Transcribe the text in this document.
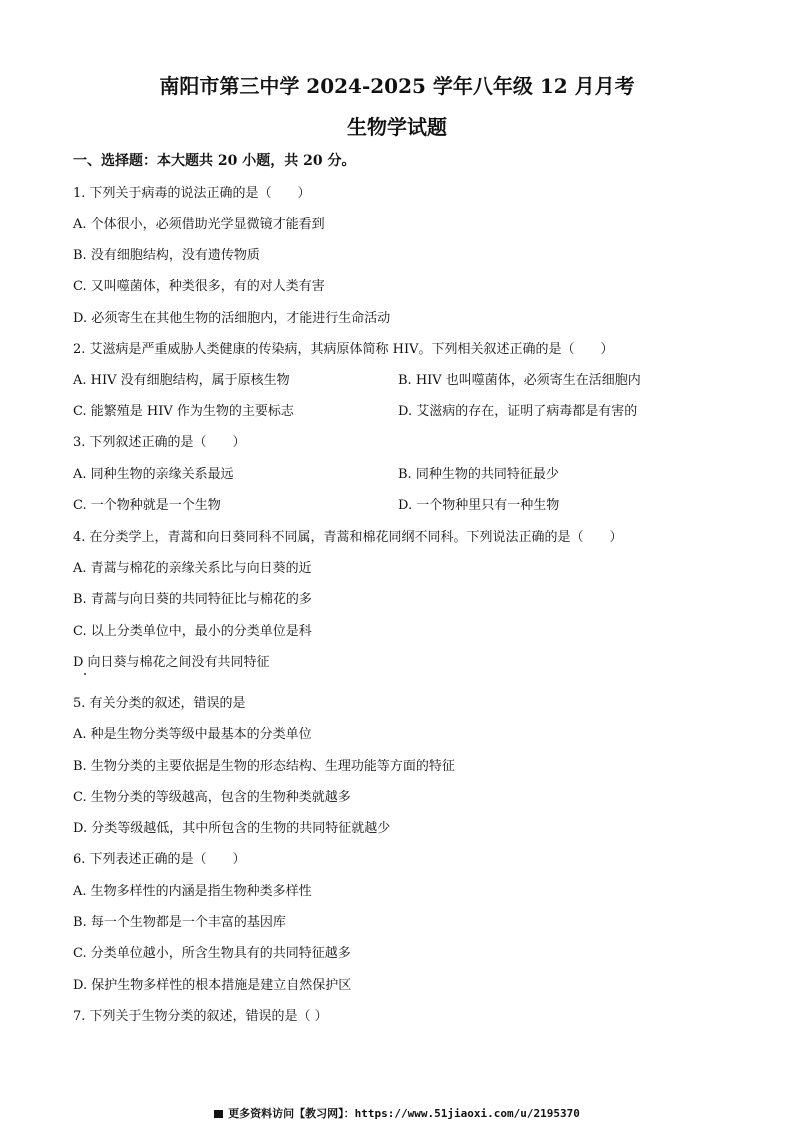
南阳市第三中学 2024-2025 学年八年级 12 月月考
生物学试题
一、选择题：本大题共 20 小题，共 20 分。
1. 下列关于病毒的说法正确的是（　　）
A. 个体很小，必须借助光学显微镜才能看到
B. 没有细胞结构，没有遗传物质
C. 又叫噬菌体，种类很多，有的对人类有害
D. 必须寄生在其他生物的活细胞内，才能进行生命活动
2. 艾滋病是严重威胁人类健康的传染病，其病原体简称 HIV。下列相关叙述正确的是（　　）
A. HIV 没有细胞结构，属于原核生物	B. HIV 也叫噬菌体，必须寄生在活细胞内
C. 能繁殖是 HIV 作为生物的主要标志	D. 艾滋病的存在，证明了病毒都是有害的
3. 下列叙述正确的是（　　）
A. 同种生物的亲缘关系最远	B. 同种生物的共同特征最少
C. 一个物种就是一个生物	D. 一个物种里只有一种生物
4. 在分类学上，青蒿和向日葵同科不同属，青蒿和棉花同纲不同科。下列说法正确的是（　　）
A. 青蒿与棉花的亲缘关系比与向日葵的近
B. 青蒿与向日葵的共同特征比与棉花的多
C. 以上分类单位中，最小的分类单位是科
D 向日葵与棉花之间没有共同特征
5. 有关分类的叙述，错误的是
A. 种是生物分类等级中最基本的分类单位
B. 生物分类的主要依据是生物的形态结构、生理功能等方面的特征
C. 生物分类的等级越高，包含的生物种类就越多
D. 分类等级越低，其中所包含的生物的共同特征就越少
6. 下列表述正确的是（　　）
A. 生物多样性的内涵是指生物种类多样性
B. 每一个生物都是一个丰富的基因库
C. 分类单位越小，所含生物具有的共同特征越多
D. 保护生物多样性的根本措施是建立自然保护区
7. 下列关于生物分类的叙述，错误的是（ ）
更多资料访问【教习网】：https://www.51jiaoxi.com/u/2195370
